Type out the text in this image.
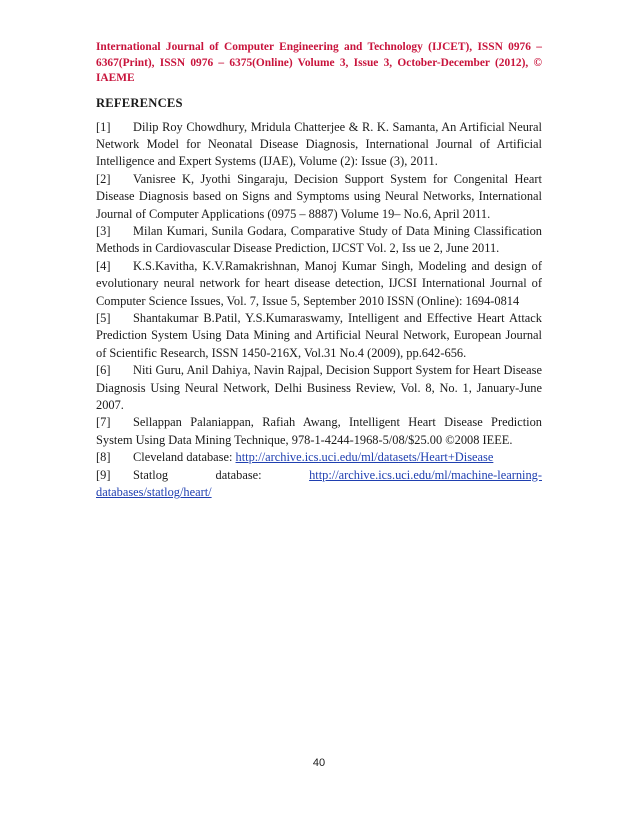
International Journal of Computer Engineering and Technology (IJCET), ISSN 0976 – 6367(Print), ISSN 0976 – 6375(Online) Volume 3, Issue 3, October-December (2012), © IAEME
REFERENCES

[1] Dilip Roy Chowdhury, Mridula Chatterjee & R. K. Samanta, An Artificial Neural Network Model for Neonatal Disease Diagnosis, International Journal of Artificial Intelligence and Expert Systems (IJAE), Volume (2): Issue (3), 2011.

[2] Vanisree K, Jyothi Singaraju, Decision Support System for Congenital Heart Disease Diagnosis based on Signs and Symptoms using Neural Networks, International Journal of Computer Applications (0975 – 8887) Volume 19– No.6, April 2011.

[3] Milan Kumari, Sunila Godara, Comparative Study of Data Mining Classification Methods in Cardiovascular Disease Prediction, IJCST Vol. 2, Iss ue 2, June 2011.

[4] K.S.Kavitha, K.V.Ramakrishnan, Manoj Kumar Singh, Modeling and design of evolutionary neural network for heart disease detection, IJCSI International Journal of Computer Science Issues, Vol. 7, Issue 5, September 2010 ISSN (Online): 1694-0814

[5] Shantakumar B.Patil, Y.S.Kumaraswamy, Intelligent and Effective Heart Attack Prediction System Using Data Mining and Artificial Neural Network, European Journal of Scientific Research, ISSN 1450-216X, Vol.31 No.4 (2009), pp.642-656.

[6] Niti Guru, Anil Dahiya, Navin Rajpal, Decision Support System for Heart Disease Diagnosis Using Neural Network, Delhi Business Review, Vol. 8, No. 1, January-June 2007.

[7] Sellappan Palaniappan, Rafiah Awang, Intelligent Heart Disease Prediction System Using Data Mining Technique, 978-1-4244-1968-5/08/$25.00 ©2008 IEEE.

[8] Cleveland database: http://archive.ics.uci.edu/ml/datasets/Heart+Disease

[9] Statlog	database:	http://archive.ics.uci.edu/ml/machine-learning- databases/statlog/heart/

40
